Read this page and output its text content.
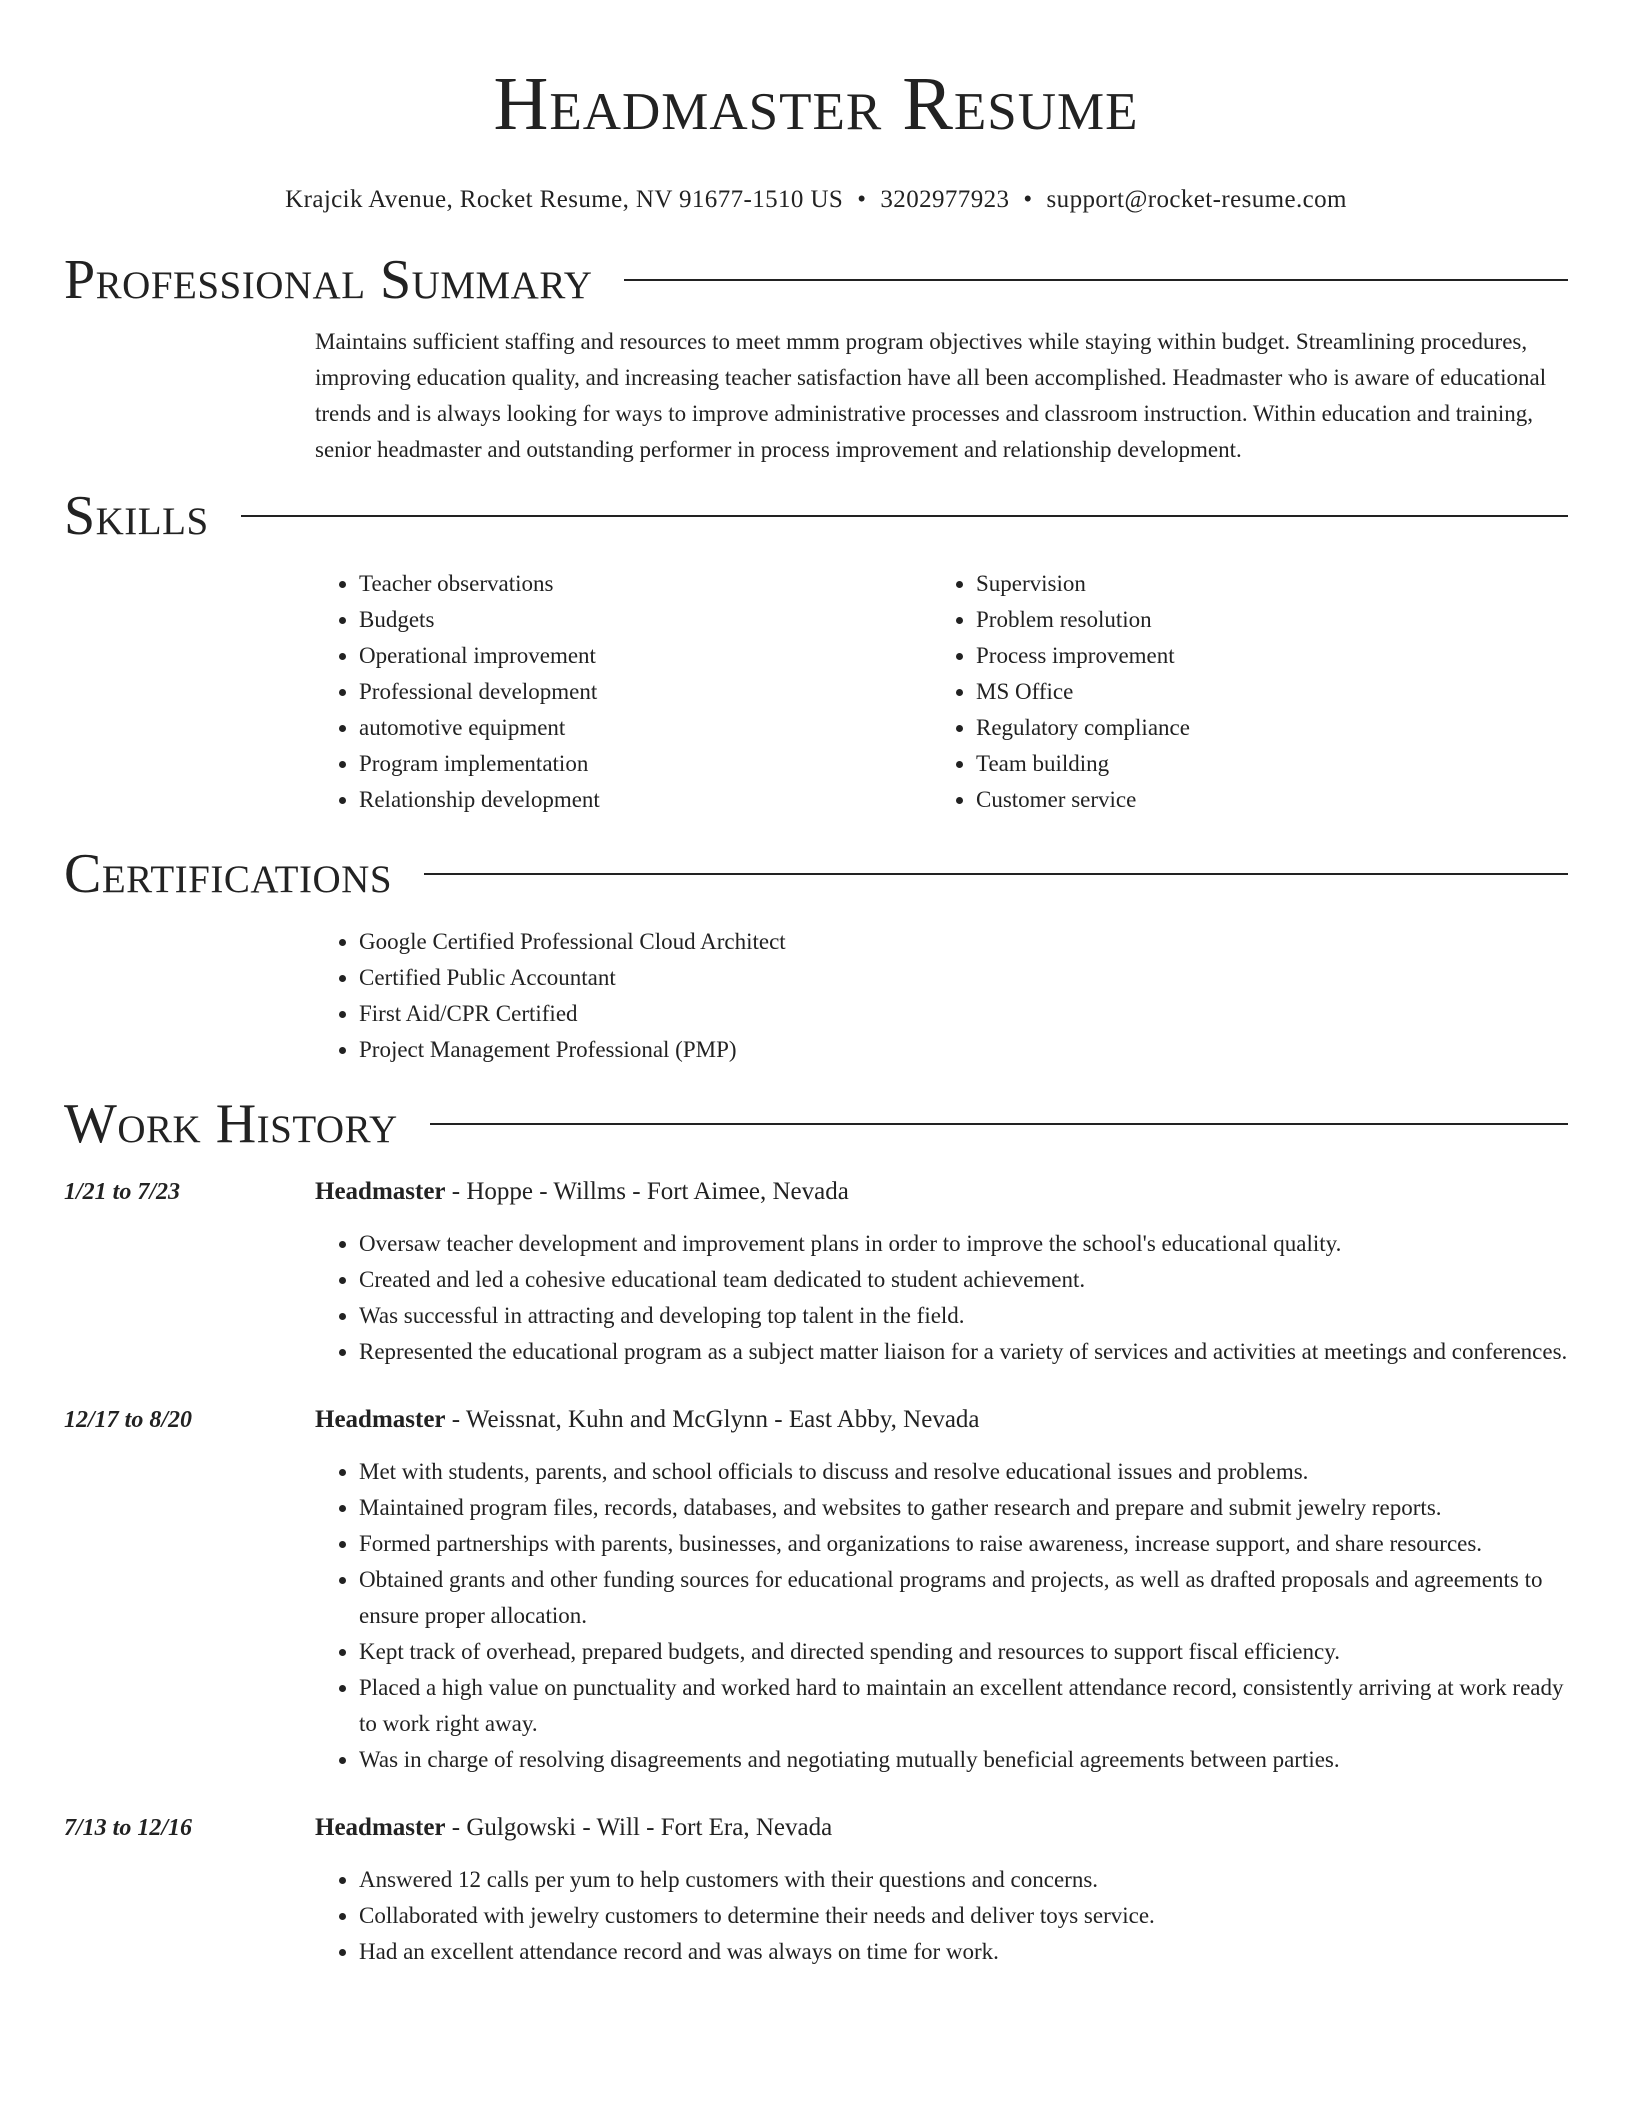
Headmaster Resume
Krajcik Avenue, Rocket Resume, NV 91677-1510 US • 3202977923 • support@rocket-resume.com
Professional Summary

Maintains sufficient staffing and resources to meet mmm program objectives while staying within budget. Streamlining procedures, improving education quality, and increasing teacher satisfaction have all been accomplished. Headmaster who is aware of educational trends and is always looking for ways to improve administrative processes and classroom instruction. Within education and training, senior headmaster and outstanding performer in process improvement and relationship development.

Skills
• Teacher observations
• Budgets
• Operational improvement
• Professional development
• automotive equipment
• Program implementation
• Relationship development
• Supervision
• Problem resolution
• Process improvement
• MS Office
• Regulatory compliance
• Team building
• Customer service
Certifications
• Google Certified Professional Cloud Architect
• Certified Public Accountant
• First Aid/CPR Certified
• Project Management Professional (PMP)
Work History
1/21 to 7/23	Headmaster - Hoppe - Willms - Fort Aimee, Nevada
• Oversaw teacher development and improvement plans in order to improve the school's educational quality.
• Created and led a cohesive educational team dedicated to student achievement.
• Was successful in attracting and developing top talent in the field.
• Represented the educational program as a subject matter liaison for a variety of services and activities at meetings and conferences.
12/17 to 8/20	Headmaster - Weissnat, Kuhn and McGlynn - East Abby, Nevada
• Met with students, parents, and school officials to discuss and resolve educational issues and problems.
• Maintained program files, records, databases, and websites to gather research and prepare and submit jewelry reports.
• Formed partnerships with parents, businesses, and organizations to raise awareness, increase support, and share resources.
• Obtained grants and other funding sources for educational programs and projects, as well as drafted proposals and agreements to ensure proper allocation.
• Kept track of overhead, prepared budgets, and directed spending and resources to support fiscal efficiency.
• Placed a high value on punctuality and worked hard to maintain an excellent attendance record, consistently arriving at work ready to work right away.
• Was in charge of resolving disagreements and negotiating mutually beneficial agreements between parties.
7/13 to 12/16	Headmaster - Gulgowski - Will - Fort Era, Nevada
• Answered 12 calls per yum to help customers with their questions and concerns.
• Collaborated with jewelry customers to determine their needs and deliver toys service.
• Had an excellent attendance record and was always on time for work.
